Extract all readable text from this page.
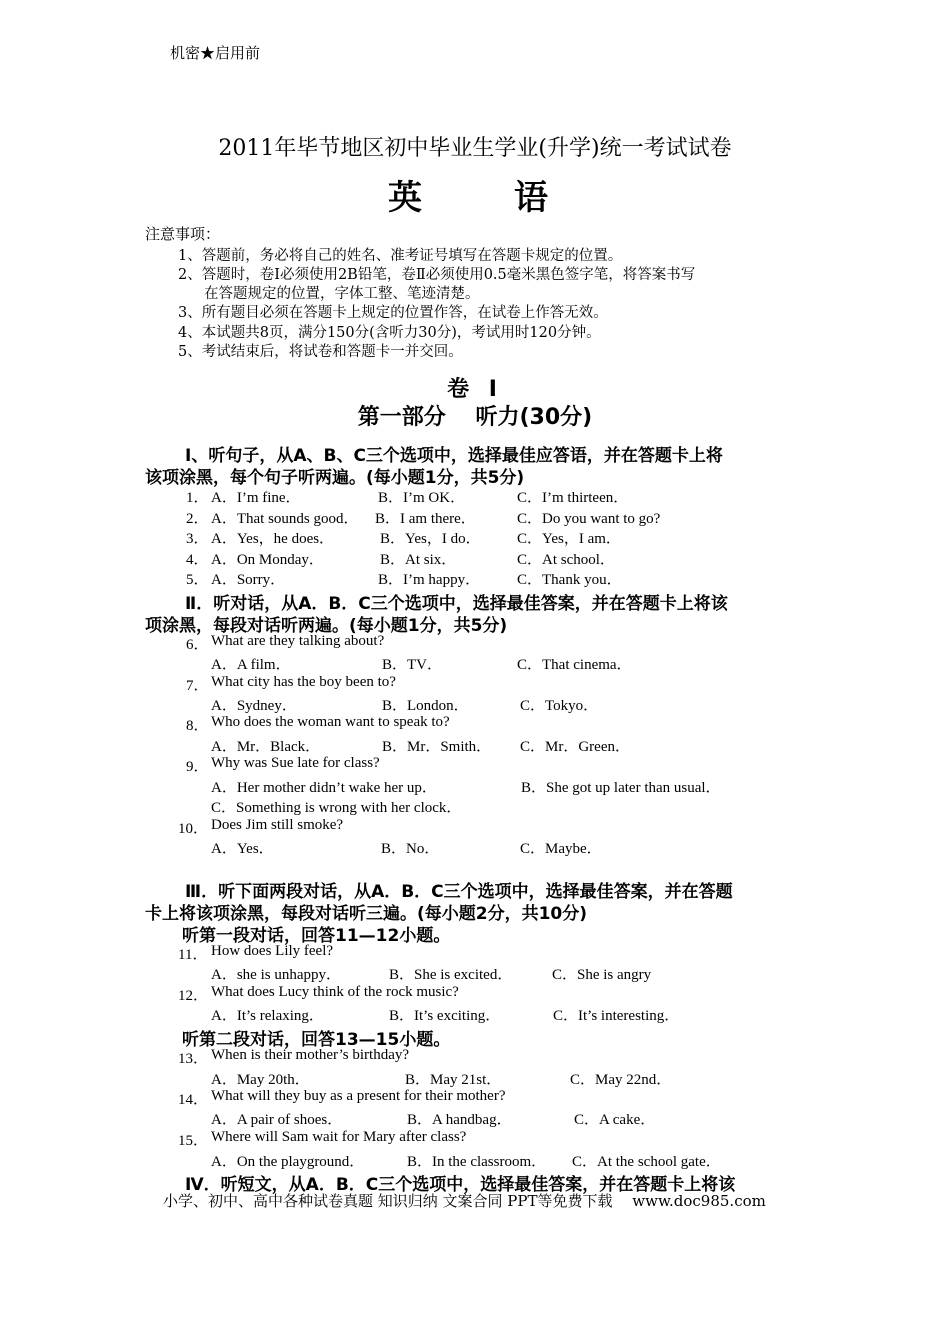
机密★启用前
2011年毕节地区初中毕业生学业(升学)统一考试试卷
英语
注意事项：
1、答题前，务必将自己的姓名、准考证号填写在答题卡规定的位置。
2、答题时，卷Ⅰ必须使用2B铅笔，卷Ⅱ必须使用0.5毫米黑色签字笔，将答案书写
在答题规定的位置，字体工整、笔迹清楚。
3、所有题目必须在答题卡上规定的位置作答，在试卷上作答无效。
4、本试题共8页，满分150分(含听力30分)，考试用时120分钟。
5、考试结束后，将试卷和答题卡一并交回。
卷 Ⅰ
第一部分　 听力(30分)
Ⅰ、听句子，从A、B、C三个选项中，选择最佳应答语，并在答题卡上将
该项涂黑，每个句子听两遍。(每小题1分，共5分)
1． A．I’m fine．	B．I’m OK．	C．I’m thirteen．
2． A．That sounds good． B．I am there．	C．Do you want to go?
3． A．Yes，he does．	B．Yes，I do． C．Yes，I am．
4． A．On Monday．	B．At six．	C．At school．
5． A．Sorry．	B．I’m happy． C．Thank you．
Ⅱ．听对话，从A．B．C三个选项中，选择最佳答案，并在答题卡上将该
项涂黑，每段对话听两遍。(每小题1分，共5分)
6． What are they talking about?
A．A film．	B．TV．	C．That cinema．
7． What city has the boy been to?
A．Sydney．	B．London．	C．Tokyo．
8． Who does the woman want to speak to?
A．Mr．Black．	B．Mr．Smith． C．Mr．Green．
9． Why was Sue late for class?
A．Her mother didn’t wake her up．	B．She got up later than usual．
C．Something is wrong with her clock．
10． Does Jim still smoke?
A．Yes．	B．No．	C．Maybe．
Ⅲ．听下面两段对话，从A．B．C三个选项中，选择最佳答案，并在答题
卡上将该项涂黑，每段对话听三遍。(每小题2分，共10分)
听第一段对话，回答11—12小题。
11． How does Lily feel?
A．she is unhappy．	B．She is excited．	C．She is angry
12． What does Lucy think of the rock music?
A．It’s relaxing．	B．It’s exciting．	C．It’s interesting．
听第二段对话，回答13—15小题。
13． When is their mother’s birthday?
A．May 20th．	B．May 21st．	C．May 22nd．
14． What will they buy as a present for their mother?
A．A pair of shoes．	B．A handbag．	C．A cake．
15． Where will Sam wait for Mary after class?
A．On the playground．	B．In the classroom． C．At the school gate．
Ⅳ．听短文，从A．B．C三个选项中，选择最佳答案，并在答题卡上将该
小学、初中、高中各种试卷真题 知识归纳 文案合同 PPT等免费下载　 www.doc985.com
